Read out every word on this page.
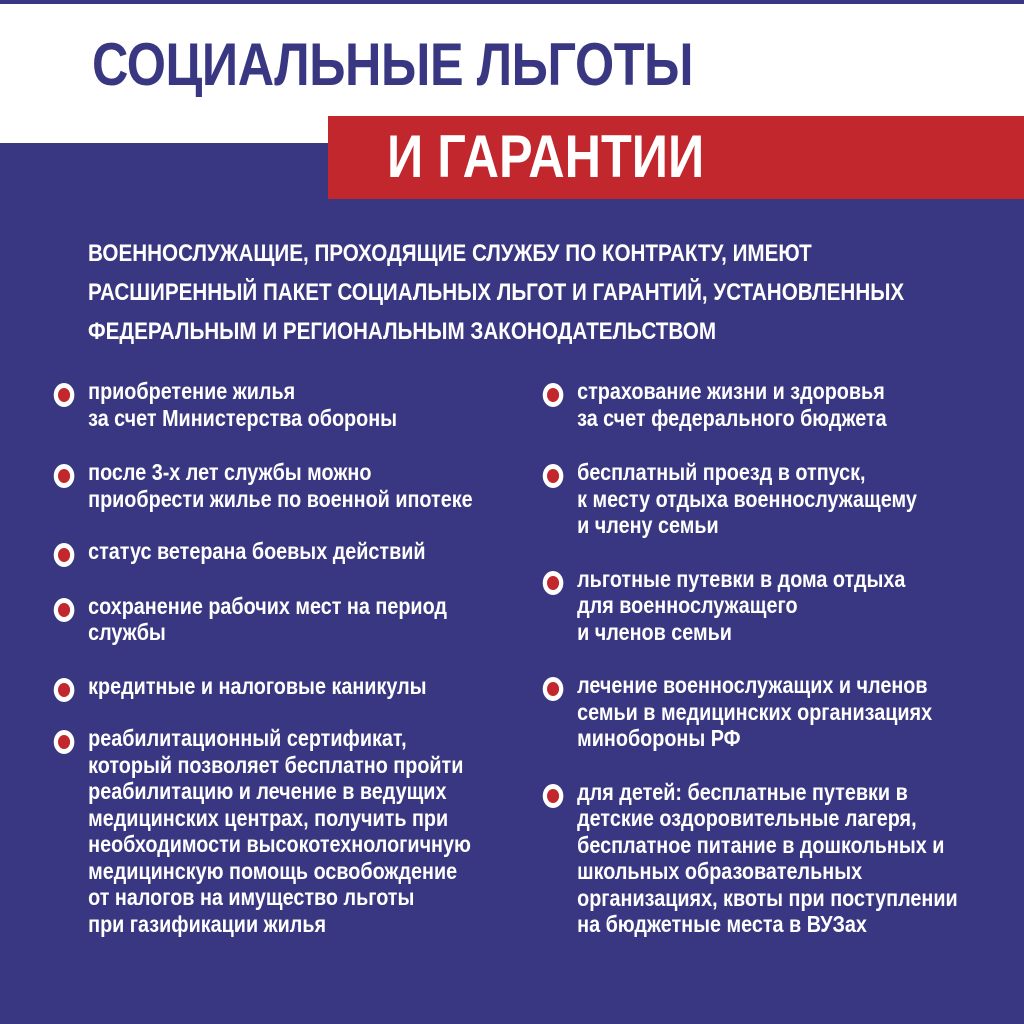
СОЦИАЛЬНЫЕ ЛЬГОТЫ
И ГАРАНТИИ
ВОЕННОСЛУЖАЩИЕ, ПРОХОДЯЩИЕ СЛУЖБУ ПО КОНТРАКТУ, ИМЕЮТ
РАСШИРЕННЫЙ ПАКЕТ СОЦИАЛЬНЫХ ЛЬГОТ И ГАРАНТИЙ, УСТАНОВЛЕННЫХ
ФЕДЕРАЛЬНЫМ И РЕГИОНАЛЬНЫМ ЗАКОНОДАТЕЛЬСТВОМ
приобретение жилья
за счет Министерства обороны
после 3-х лет службы можно
приобрести жилье по военной ипотеке
статус ветерана боевых действий
сохранение рабочих мест на период
службы
кредитные и налоговые каникулы
реабилитационный сертификат,
который позволяет бесплатно пройти
реабилитацию и лечение в ведущих
медицинских центрах, получить при
необходимости высокотехнологичную
медицинскую помощь освобождение
от налогов на имущество льготы
при газификации жилья
страхование жизни и здоровья
за счет федерального бюджета
бесплатный проезд в отпуск,
к месту отдыха военнослужащему
и члену семьи
льготные путевки в дома отдыха
для военнослужащего
и членов семьи
лечение военнослужащих и членов
семьи в медицинских организациях
минобороны РФ
для детей: бесплатные путевки в
детские оздоровительные лагеря,
бесплатное питание в дошкольных и
школьных образовательных
организациях, квоты при поступлении
на бюджетные места в ВУЗах
